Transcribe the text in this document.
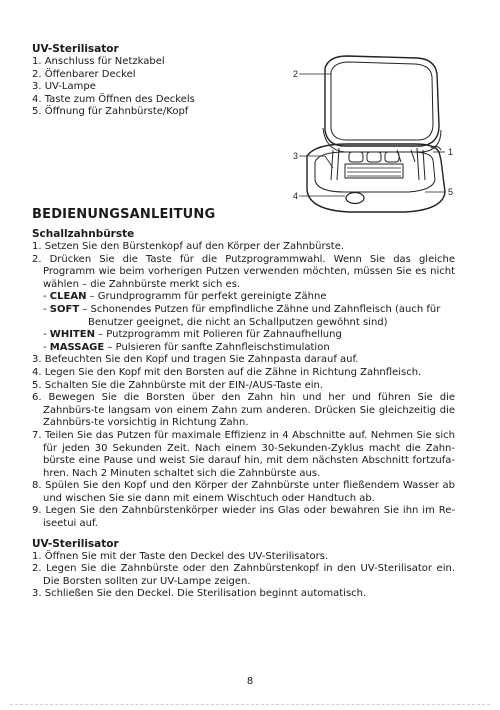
UV-Sterilisator

1. Anschluss für Netzkabel
2. Öffenbarer Deckel
3. UV-Lampe
4. Taste zum Öffnen des Deckels
5. Öffnung für Zahnbürste/Kopf
2
3	1
4	5

BEDIENUNGSANLEITUNG

Schallzahnbürste

1. Setzen Sie den Bürstenkopf auf den Körper der Zahnbürste.
2. Drücken Sie die Taste für die Putzprogrammwahl. Wenn Sie das gleiche Programm wie beim vorherigen Putzen verwenden möchten, müssen Sie es nicht wählen – die Zahnbürste merkt sich es.
- CLEAN – Grundprogramm für perfekt gereinigte Zähne
- SOFT – Schonendes Putzen für empfindliche Zähne und Zahnfleisch (auch für
Benutzer geeignet, die nicht an Schallputzen gewöhnt sind)
- WHITEN – Putzprogramm mit Polieren für Zahnaufhellung
- MASSAGE – Pulsieren für sanfte Zahnfleischstimulation
3. Befeuchten Sie den Kopf und tragen Sie Zahnpasta darauf auf.
4. Legen Sie den Kopf mit den Borsten auf die Zähne in Richtung Zahnfleisch.
5. Schalten Sie die Zahnbürste mit der EIN-/AUS-Taste ein.
6. Bewegen Sie die Borsten über den Zahn hin und her und führen Sie die Zahnbürs-te langsam von einem Zahn zum anderen. Drücken Sie gleichzeitig die Zahnbürs-te vorsichtig in Richtung Zahn.
7. Teilen Sie das Putzen für maximale Effizienz in 4 Abschnitte auf. Nehmen Sie sich für jeden 30 Sekunden Zeit. Nach einem 30-Sekunden-Zyklus macht die Zahn-bürste eine Pause und weist Sie darauf hin, mit dem nächsten Abschnitt fortzufa-hren. Nach 2 Minuten schaltet sich die Zahnbürste aus.
8. Spülen Sie den Kopf und den Körper der Zahnbürste unter fließendem Wasser ab und wischen Sie sie dann mit einem Wischtuch oder Handtuch ab.
9. Legen Sie den Zahnbürstenkörper wieder ins Glas oder bewahren Sie ihn im Re-iseetui auf.

UV-Sterilisator

1. Öffnen Sie mit der Taste den Deckel des UV-Sterilisators.
2. Legen Sie die Zahnbürste oder den Zahnbürstenkopf in den UV-Sterilisator ein. Die Borsten sollten zur UV-Lampe zeigen.
3. Schließen Sie den Deckel. Die Sterilisation beginnt automatisch.
8
